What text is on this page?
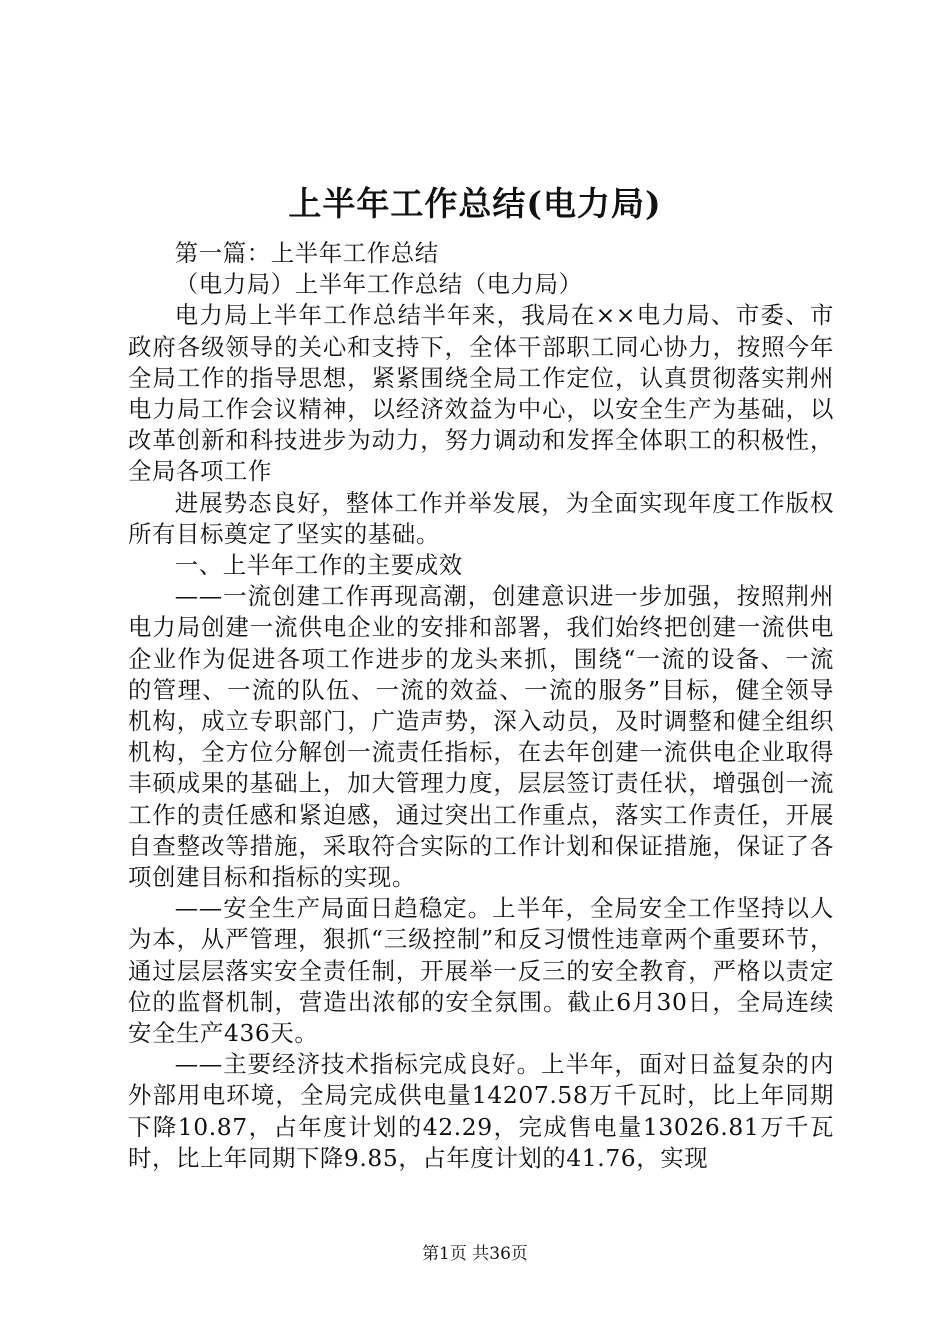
上半年工作总结(电力局)

第一篇：上半年工作总结

（电力局）上半年工作总结（电力局）

电力局上半年工作总结半年来，我局在××电力局、市委、市政府各级领导的关心和支持下，全体干部职工同心协力，按照今年全局工作的指导思想，紧紧围绕全局工作定位，认真贯彻落实荆州电力局工作会议精神，以经济效益为中心，以安全生产为基础，以改革创新和科技进步为动力，努力调动和发挥全体职工的积极性，全局各项工作

进展势态良好，整体工作并举发展，为全面实现年度工作版权所有目标奠定了坚实的基础。

一、上半年工作的主要成效

——一流创建工作再现高潮，创建意识进一步加强，按照荆州电力局创建一流供电企业的安排和部署，我们始终把创建一流供电企业作为促进各项工作进步的龙头来抓，围绕“一流的设备、一流的管理、一流的队伍、一流的效益、一流的服务”目标，健全领导机构，成立专职部门，广造声势，深入动员，及时调整和健全组织机构，全方位分解创一流责任指标，在去年创建一流供电企业取得丰硕成果的基础上，加大管理力度，层层签订责任状，增强创一流工作的责任感和紧迫感，通过突出工作重点，落实工作责任，开展自查整改等措施，采取符合实际的工作计划和保证措施，保证了各项创建目标和指标的实现。

——安全生产局面日趋稳定。上半年，全局安全工作坚持以人为本，从严管理，狠抓“三级控制”和反习惯性违章两个重要环节，通过层层落实安全责任制，开展举一反三的安全教育，严格以责定位的监督机制，营造出浓郁的安全氛围。截止6月30日，全局连续安全生产436天。

——主要经济技术指标完成良好。上半年，面对日益复杂的内外部用电环境，全局完成供电量14207.58万千瓦时，比上年同期下降10.87，占年度计划的42.29，完成售电量13026.81万千瓦时，比上年同期下降9.85，占年度计划的41.76，实现

第1页 共36页
